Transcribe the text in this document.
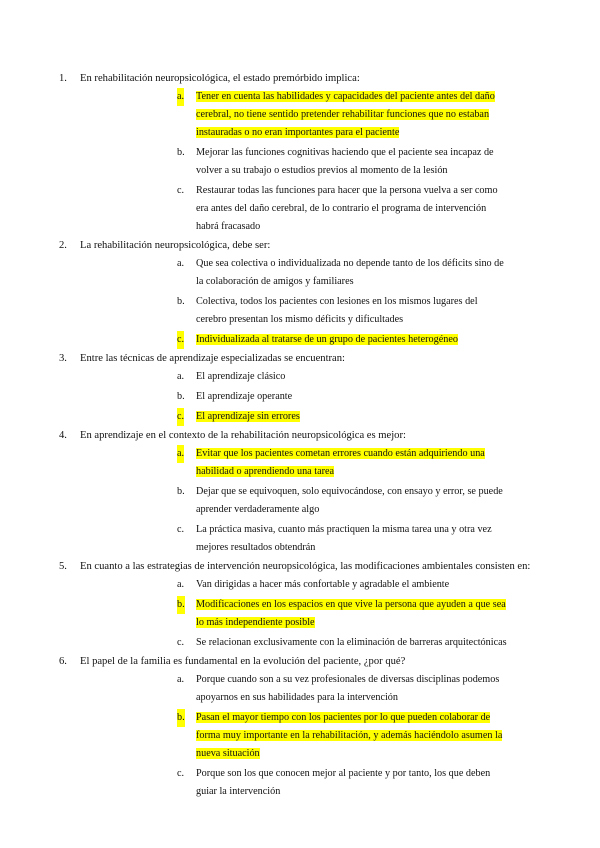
1. En rehabilitación neuropsicológica, el estado premórbido implica:
a. Tener en cuenta las habilidades y capacidades del paciente antes del daño cerebral, no tiene sentido pretender rehabilitar funciones que no estaban instauradas o no eran importantes para el paciente
b. Mejorar las funciones cognitivas haciendo que el paciente sea incapaz de volver a su trabajo o estudios previos al momento de la lesión
c. Restaurar todas las funciones para hacer que la persona vuelva a ser como era antes del daño cerebral, de lo contrario el programa de intervención habrá fracasado
2. La rehabilitación neuropsicológica, debe ser:
a. Que sea colectiva o individualizada no depende tanto de los déficits sino de la colaboración de amigos y familiares
b. Colectiva, todos los pacientes con lesiones en los mismos lugares del cerebro presentan los mismo déficits y dificultades
c. Individualizada al tratarse de un grupo de pacientes heterogéneo
3. Entre las técnicas de aprendizaje especializadas se encuentran:
a. El aprendizaje clásico
b. El aprendizaje operante
c. El aprendizaje sin errores
4. En aprendizaje en el contexto de la rehabilitación neuropsicológica es mejor:
a. Evitar que los pacientes cometan errores cuando están adquiriendo una habilidad o aprendiendo una tarea
b. Dejar que se equivoquen, solo equivocándose, con ensayo y error, se puede aprender verdaderamente algo
c. La práctica masiva, cuanto más practiquen la misma tarea una y otra vez mejores resultados obtendrán
5. En cuanto a las estrategias de intervención neuropsicológica, las modificaciones ambientales consisten en:
a. Van dirigidas a hacer más confortable y agradable el ambiente
b. Modificaciones en los espacios en que vive la persona que ayuden a que sea lo más independiente posible
c. Se relacionan exclusivamente con la eliminación de barreras arquitectónicas
6. El papel de la familia es fundamental en la evolución del paciente, ¿por qué?
a. Porque cuando son a su vez profesionales de diversas disciplinas podemos apoyarnos en sus habilidades para la intervención
b. Pasan el mayor tiempo con los pacientes por lo que pueden colaborar de forma muy importante en la rehabilitación, y además haciéndolo asumen la nueva situación
c. Porque son los que conocen mejor al paciente y por tanto, los que deben guiar la intervención
